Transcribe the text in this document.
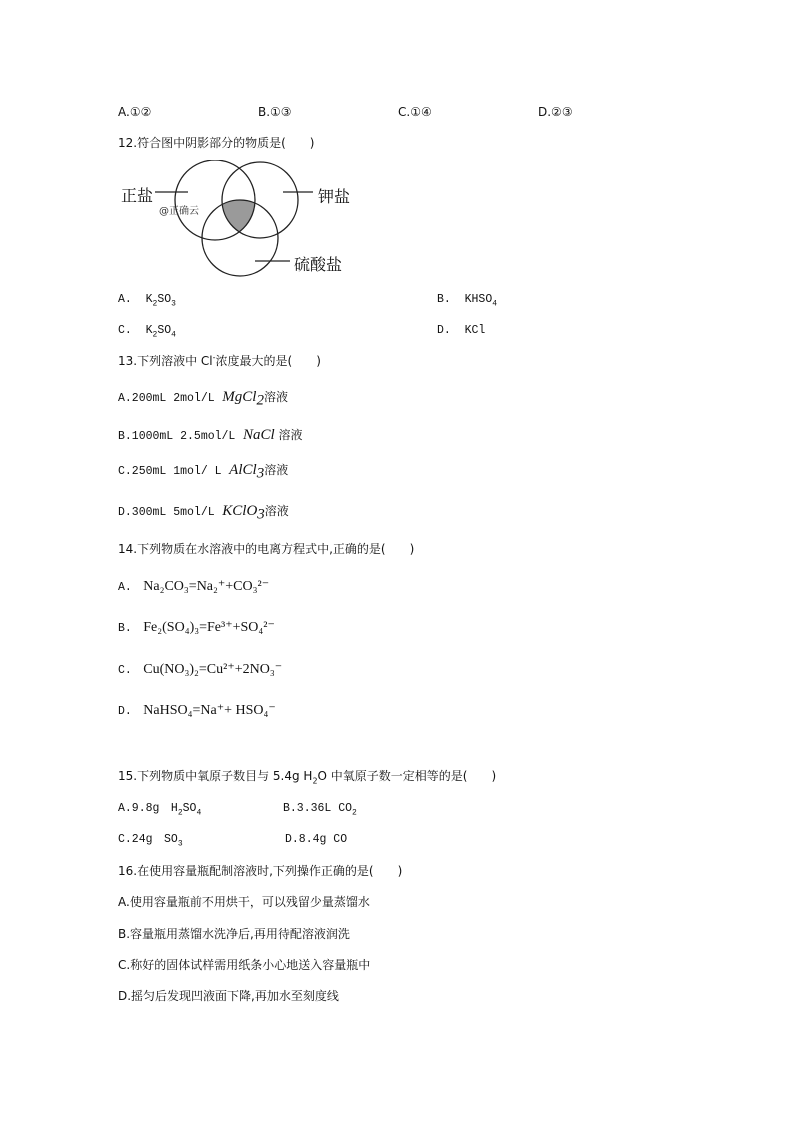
A.①②	B.①③	C.①④	D.②③
12.符合图中阴影部分的物质是(　　)
正盐	钾盐
硫酸盐
@正确云
A. $K_2SO_3$	B. $KHSO_4$
C. $K_2SO_4$	D. KCl
13.下列溶液中 Cl-浓度最大的是(　　)
A.200mL 2mol/L MgCl$_2$溶液
B.1000mL 2.5mol/L NaCl 溶液
C.250mL 1mol/ L AlCl$_3$溶液
D.300mL 5mol/L KClO$_3$溶液
14.下列物质在水溶液中的电离方程式中,正确的是(　　)
A. Na₂CO₃=Na₂⁺+CO₃²⁻
B. Fe₂(SO₄)₃=Fe³⁺+SO₄²⁻
C. Cu(NO₃)₂=Cu²⁺+2NO₃⁻
D. NaHSO₄=Na⁺+ HSO₄⁻
15.下列物质中氧原子数目与 5.4g $H_2O$ 中氧原子数一定相等的是(　　)
A.9.8g　$H_2SO_4$	B.3.36L $CO_2$
C.24g　$SO_3$	D.8.4g CO
16.在使用容量瓶配制溶液时,下列操作正确的是(　　)
A.使用容量瓶前不用烘干，可以残留少量蒸馏水
B.容量瓶用蒸馏水洗净后,再用待配溶液润洗
C.称好的固体试样需用纸条小心地送入容量瓶中
D.摇匀后发现凹液面下降,再加水至刻度线
